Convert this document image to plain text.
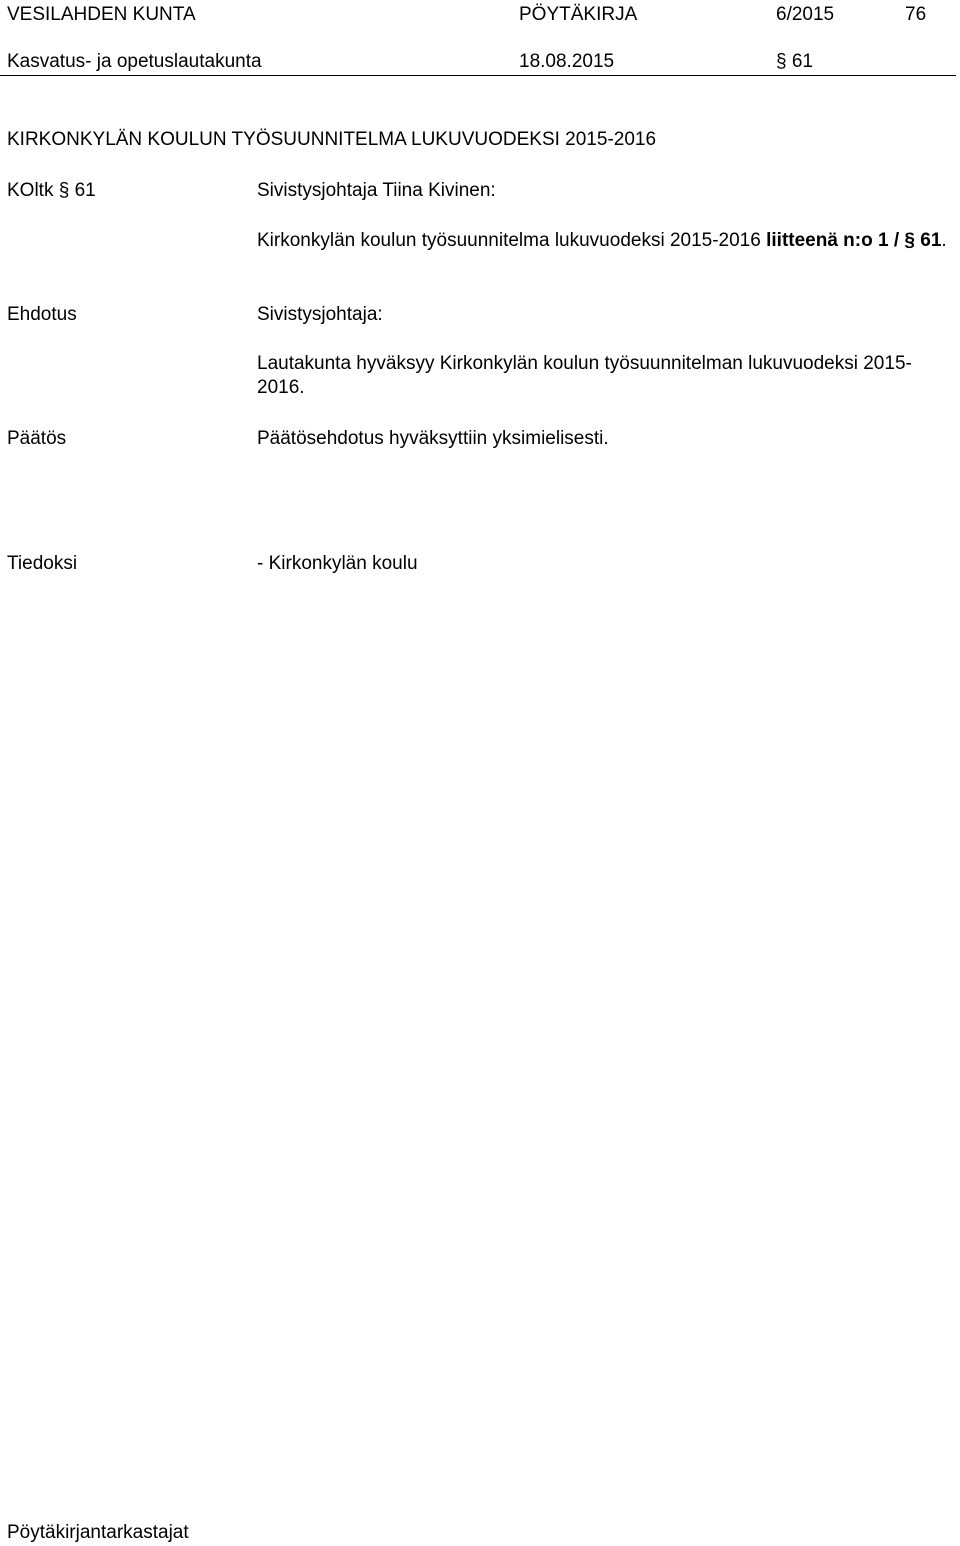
VESILAHDEN KUNTA	PÖYTÄKIRJA	6/2015	76
Kasvatus- ja opetuslautakunta	18.08.2015	§ 61
KIRKONKYLÄN KOULUN TYÖSUUNNITELMA LUKUVUODEKSI 2015-2016
KOltk § 61	Sivistysjohtaja Tiina Kivinen:
Kirkonkylän koulun työsuunnitelma lukuvuodeksi 2015-2016 liitteenä n:o 1 / § 61.
Ehdotus	Sivistysjohtaja:
Lautakunta hyväksyy Kirkonkylän koulun työsuunnitelman lukuvuodeksi 2015-2016.
Päätös	Päätösehdotus hyväksyttiin yksimielisesti.
Tiedoksi	- Kirkonkylän koulu
Pöytäkirjantarkastajat
